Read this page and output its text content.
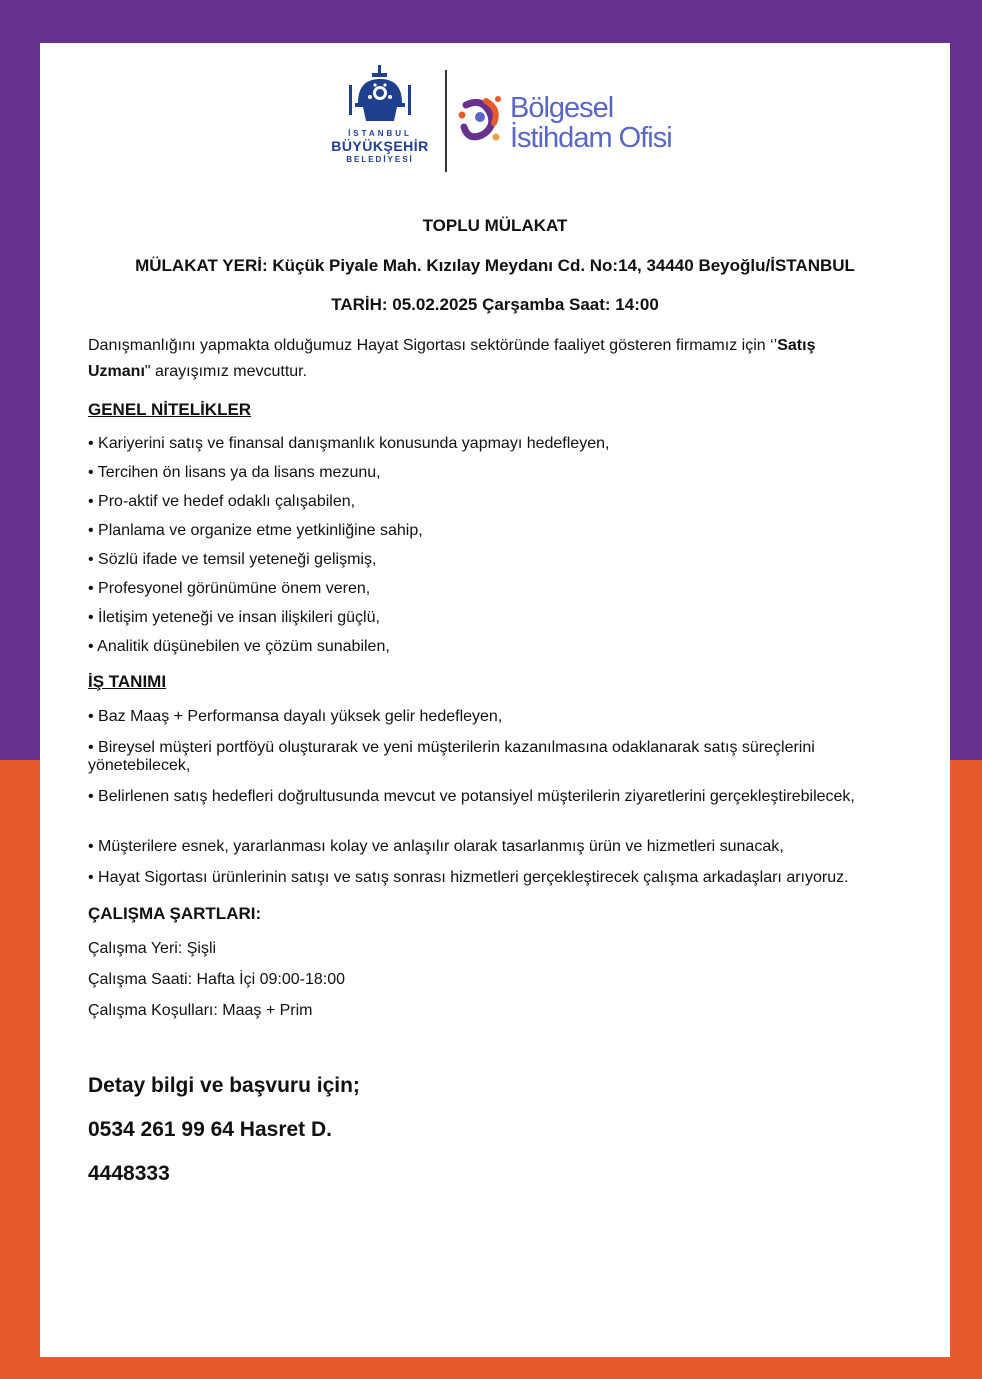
İSTANBUL
BÜYÜKŞEHİR
BELEDİYESİ
Bölgesel
İstihdam Ofisi
TOPLU MÜLAKAT
MÜLAKAT YERİ: Küçük Piyale Mah. Kızılay Meydanı Cd. No:14, 34440 Beyoğlu/İSTANBUL
TARİH: 05.02.2025 Çarşamba Saat: 14:00
Danışmanlığını yapmakta olduğumuz Hayat Sigortası sektöründe faaliyet gösteren firmamız için ‘’Satış Uzmanı" arayışımız mevcuttur.
GENEL NİTELİKLER
• Kariyerini satış ve finansal danışmanlık konusunda yapmayı hedefleyen,
• Tercihen ön lisans ya da lisans mezunu,
• Pro-aktif ve hedef odaklı çalışabilen,
• Planlama ve organize etme yetkinliğine sahip,
• Sözlü ifade ve temsil yeteneği gelişmiş,
• Profesyonel görünümüne önem veren,
• İletişim yeteneği ve insan ilişkileri güçlü,
• Analitik düşünebilen ve çözüm sunabilen,
İŞ TANIMI
• Baz Maaş + Performansa dayalı yüksek gelir hedefleyen,
• Bireysel müşteri portföyü oluşturarak ve yeni müşterilerin kazanılmasına odaklanarak satış süreçlerini yönetebilecek,
• Belirlenen satış hedefleri doğrultusunda mevcut ve potansiyel müşterilerin ziyaretlerini gerçekleştirebilecek,
• Müşterilere esnek, yararlanması kolay ve anlaşılır olarak tasarlanmış ürün ve hizmetleri sunacak,
• Hayat Sigortası ürünlerinin satışı ve satış sonrası hizmetleri gerçekleştirecek çalışma arkadaşları arıyoruz.
ÇALIŞMA ŞARTLARI:
Çalışma Yeri: Şişli
Çalışma Saati: Hafta İçi 09:00-18:00
Çalışma Koşulları: Maaş + Prim
Detay bilgi ve başvuru için;
0534 261 99 64 Hasret D.
4448333
